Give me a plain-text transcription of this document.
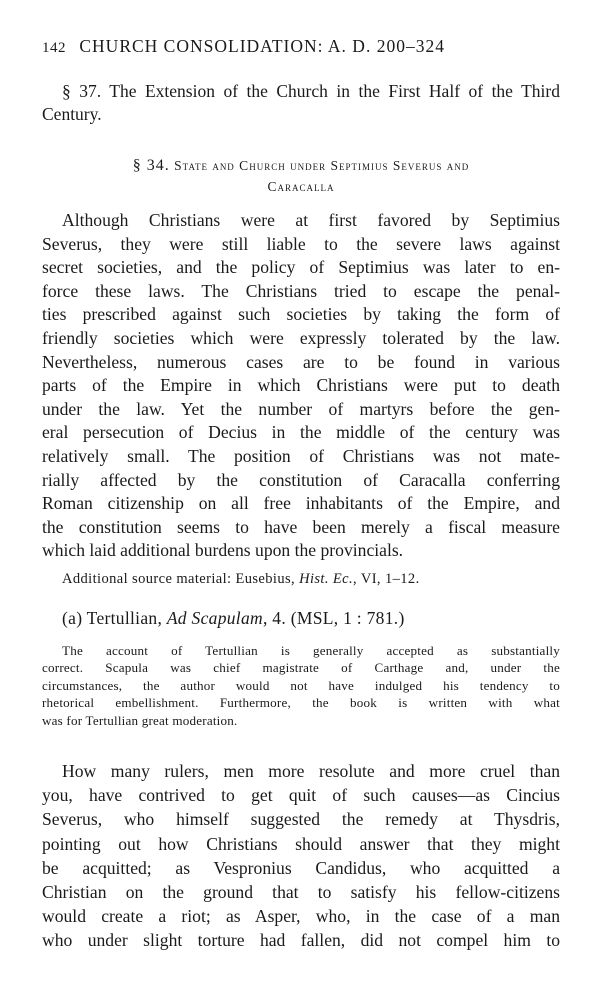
142 CHURCH CONSOLIDATION: A. D. 200–324
§ 37. The Extension of the Church in the First Half of the Third Century.
§ 34. State and Church under Septimius Severus and
Caracalla
Although Christians were at first favored by Septimius
Severus, they were still liable to the severe laws against
secret societies, and the policy of Septimius was later to en-
force these laws. The Christians tried to escape the penal-
ties prescribed against such societies by taking the form of
friendly societies which were expressly tolerated by the law.
Nevertheless, numerous cases are to be found in various
parts of the Empire in which Christians were put to death
under the law. Yet the number of martyrs before the gen-
eral persecution of Decius in the middle of the century was
relatively small. The position of Christians was not mate-
rially affected by the constitution of Caracalla conferring
Roman citizenship on all free inhabitants of the Empire, and
the constitution seems to have been merely a fiscal measure
which laid additional burdens upon the provincials.
Additional source material: Eusebius, Hist. Ec., VI, 1–12.
(a) Tertullian, Ad Scapulam, 4. (MSL, 1 : 781.)
The account of Tertullian is generally accepted as substantially
correct. Scapula was chief magistrate of Carthage and, under the
circumstances, the author would not have indulged his tendency to
rhetorical embellishment. Furthermore, the book is written with what
was for Tertullian great moderation.
How many rulers, men more resolute and more cruel than
you, have contrived to get quit of such causes—as Cincius
Severus, who himself suggested the remedy at Thysdris,
pointing out how Christians should answer that they might
be acquitted; as Vespronius Candidus, who acquitted a
Christian on the ground that to satisfy his fellow-citizens
would create a riot; as Asper, who, in the case of a man
who under slight torture had fallen, did not compel him to
